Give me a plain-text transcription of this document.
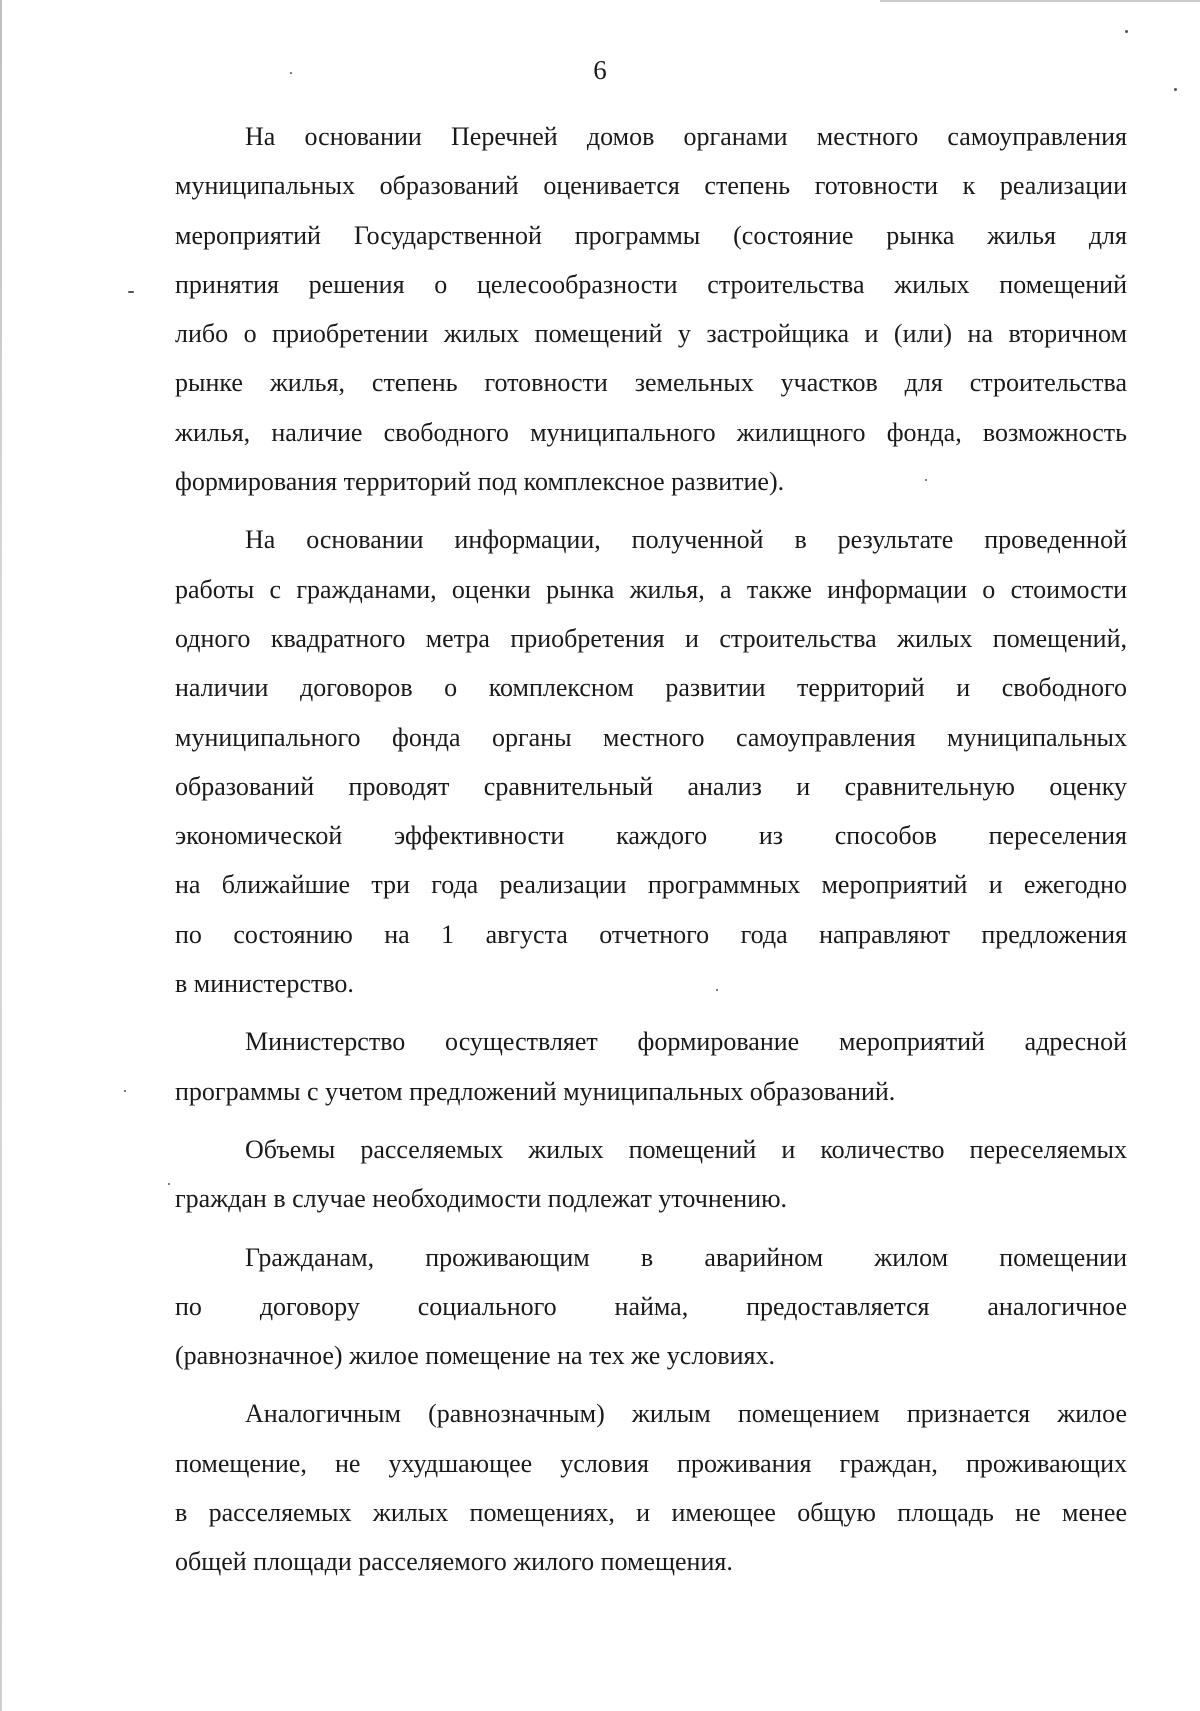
6
На основании Перечней домов органами местного самоуправления
муниципальных образований оценивается степень готовности к реализации
мероприятий Государственной программы (состояние рынка жилья для
принятия решения о целесообразности строительства жилых помещений
либо о приобретении жилых помещений у застройщика и (или) на вторичном
рынке жилья, степень готовности земельных участков для строительства
жилья, наличие свободного муниципального жилищного фонда, возможность
формирования территорий под комплексное развитие).
На основании информации, полученной в результате проведенной
работы с гражданами, оценки рынка жилья, а также информации о стоимости
одного квадратного метра приобретения и строительства жилых помещений,
наличии договоров о комплексном развитии территорий и свободного
муниципального фонда органы местного самоуправления муниципальных
образований проводят сравнительный анализ и сравнительную оценку
экономической эффективности каждого из способов переселения
на ближайшие три года реализации программных мероприятий и ежегодно
по состоянию на 1 августа отчетного года направляют предложения
в министерство.
Министерство осуществляет формирование мероприятий адресной
программы с учетом предложений муниципальных образований.
Объемы расселяемых жилых помещений и количество переселяемых
граждан в случае необходимости подлежат уточнению.
Гражданам, проживающим в аварийном жилом помещении
по договору социального найма, предоставляется аналогичное
(равнозначное) жилое помещение на тех же условиях.
Аналогичным (равнозначным) жилым помещением признается жилое
помещение, не ухудшающее условия проживания граждан, проживающих
в расселяемых жилых помещениях, и имеющее общую площадь не менее
общей площади расселяемого жилого помещения.
